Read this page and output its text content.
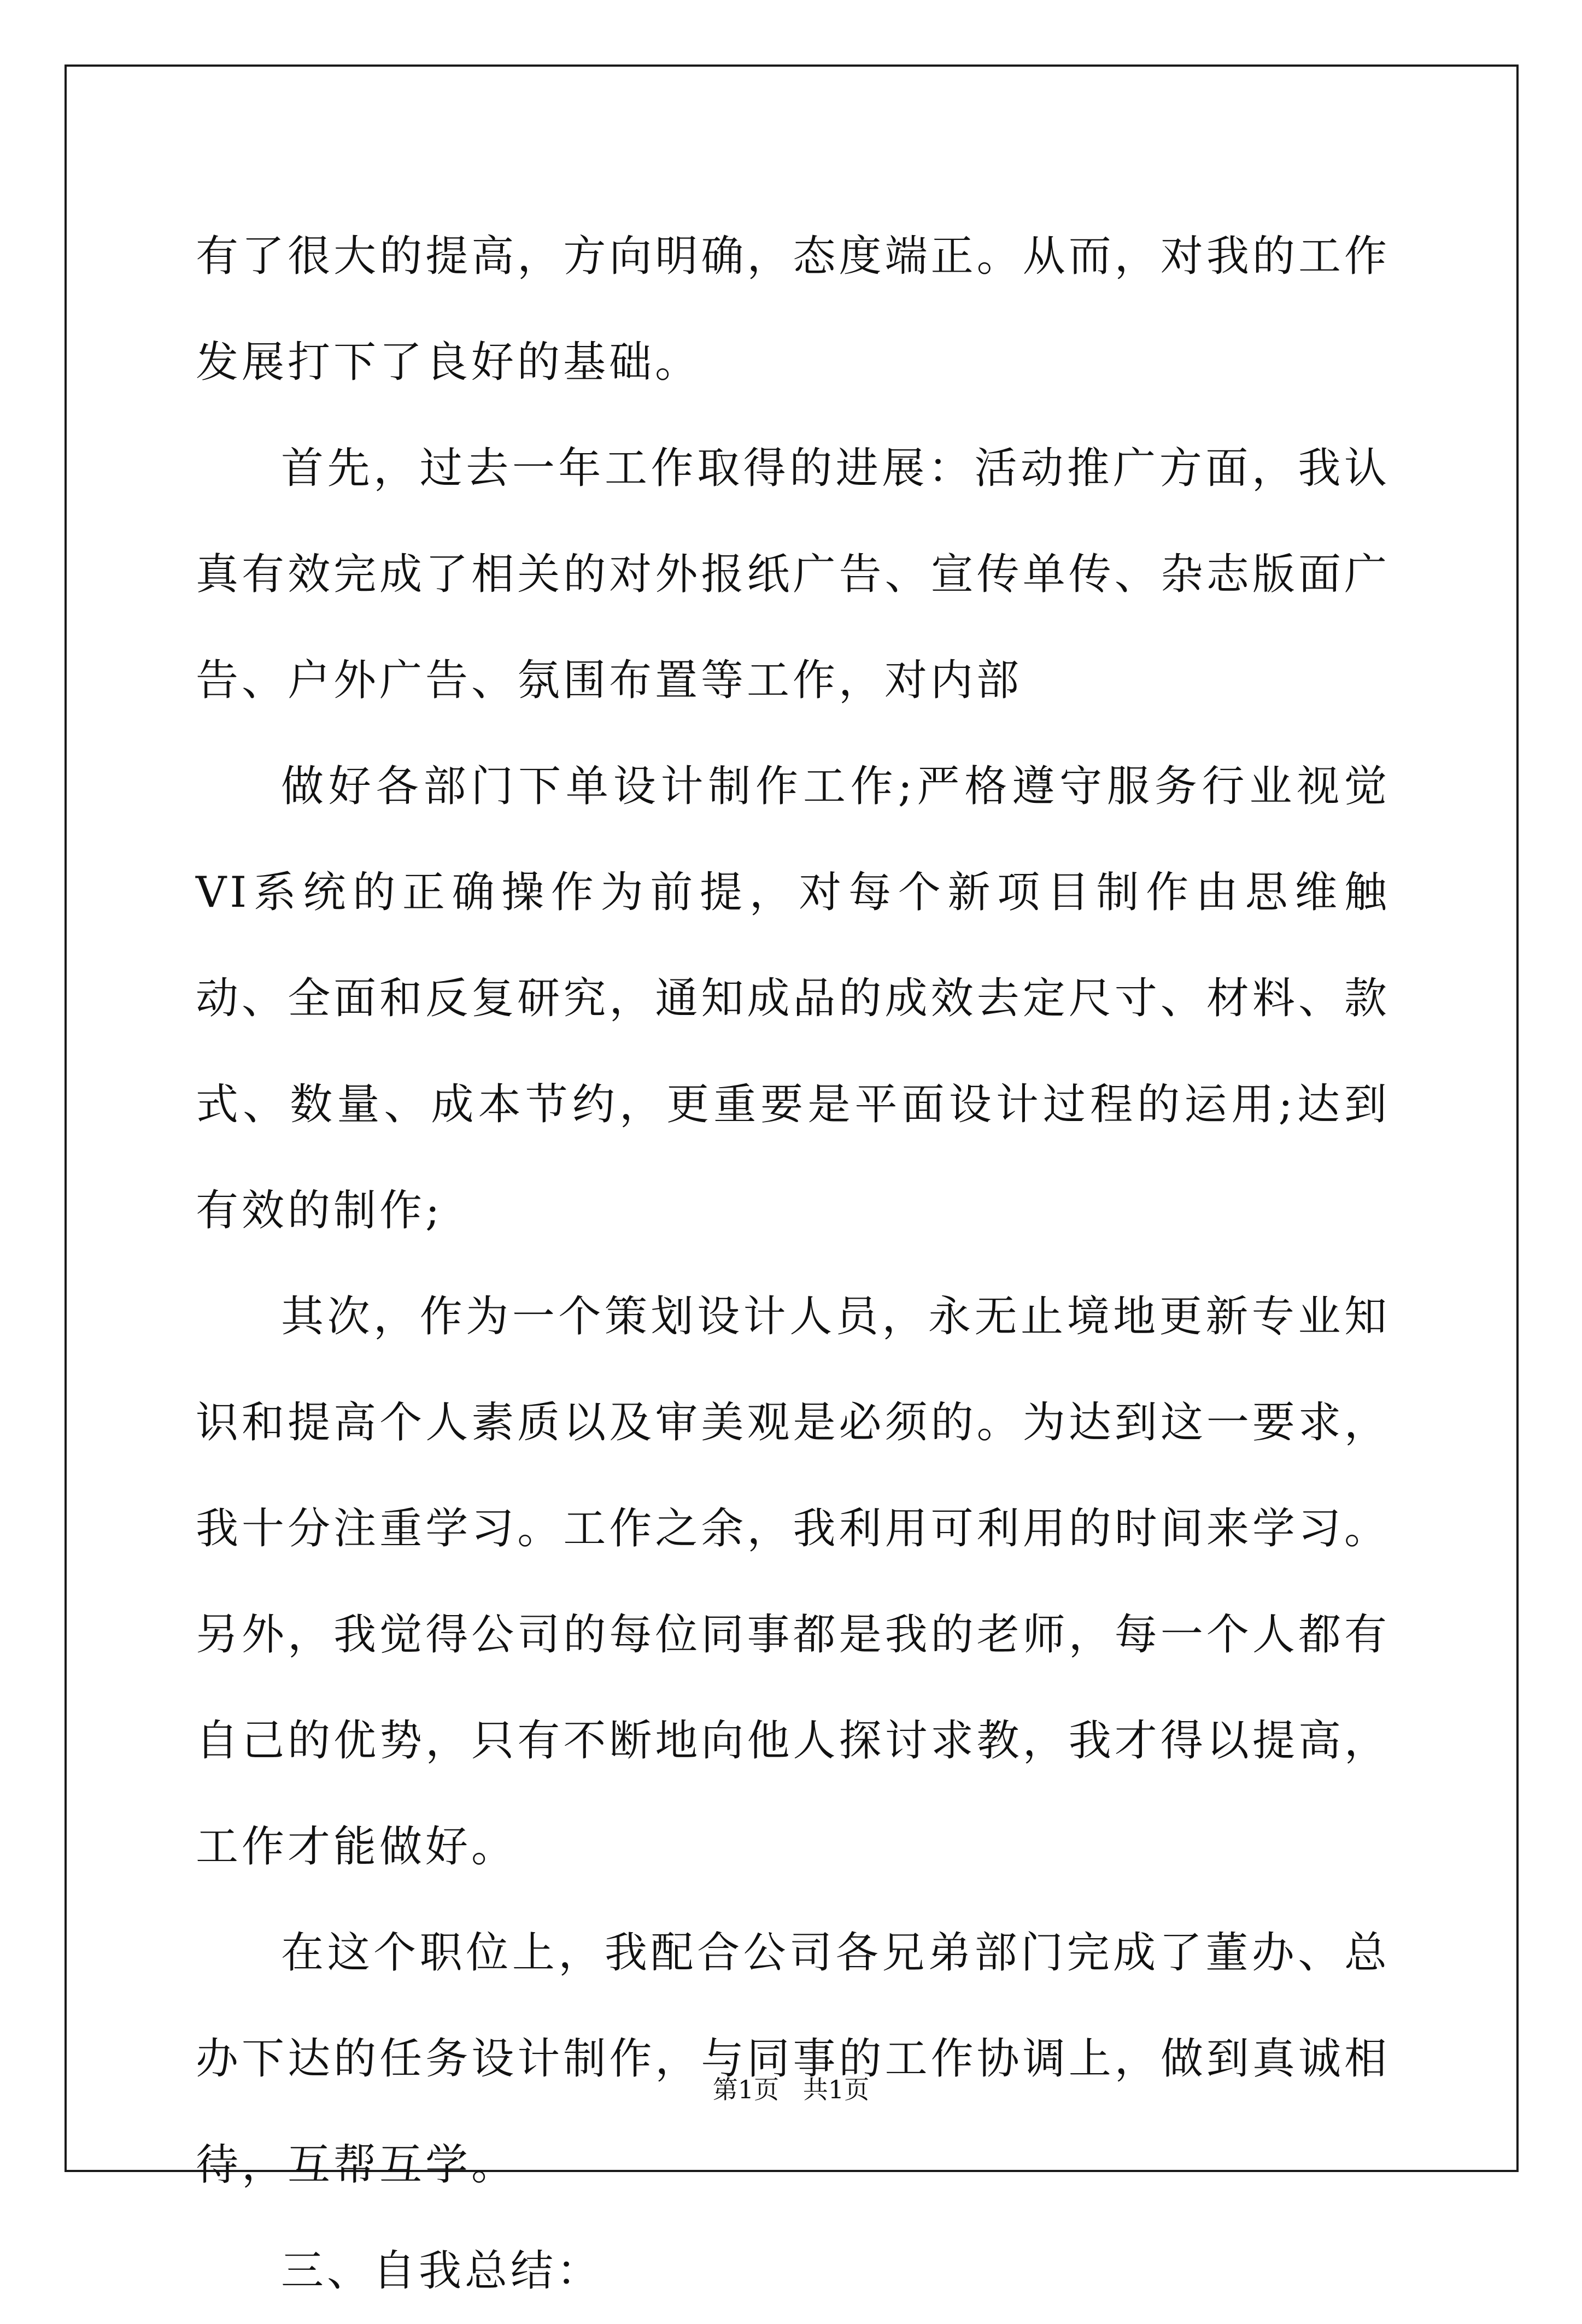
有了很大的提高，方向明确，态度端正。从而，对我的工作发展打下了良好的基础。

首先，过去一年工作取得的进展：活动推广方面，我认真有效完成了相关的对外报纸广告、宣传单传、杂志版面广告、户外广告、氛围布置等工作，对内部

做好各部门下单设计制作工作;严格遵守服务行业视觉VI系统的正确操作为前提，对每个新项目制作由思维触动、全面和反复研究，通知成品的成效去定尺寸、材料、款式、数量、成本节约，更重要是平面设计过程的运用;达到有效的制作;

其次，作为一个策划设计人员，永无止境地更新专业知识和提高个人素质以及审美观是必须的。为达到这一要求，我十分注重学习。工作之余，我利用可利用的时间来学习。另外，我觉得公司的每位同事都是我的老师，每一个人都有自己的优势，只有不断地向他人探讨求教，我才得以提高，工作才能做好。

在这个职位上，我配合公司各兄弟部门完成了董办、总办下达的任务设计制作，与同事的工作协调上，做到真诚相待，互帮互学。

三、自我总结：

第1页   共1页
